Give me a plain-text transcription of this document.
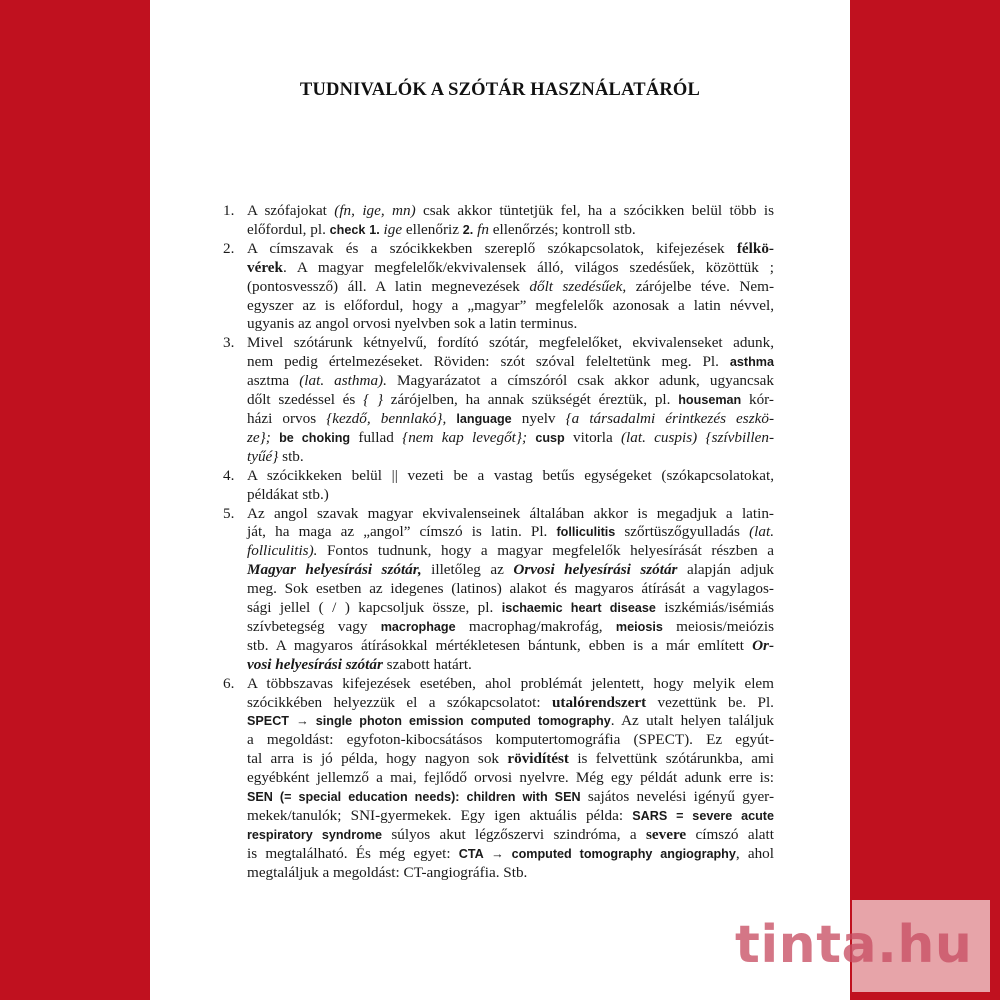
TUDNIVALÓK A SZÓTÁR HASZNÁLATÁRÓL
1. A szófajokat (fn, ige, mn) csak akkor tüntetjük fel, ha a szócikken belül több is
előfordul, pl. check 1. ige ellenőriz 2. fn ellenőrzés; kontroll stb.
2. A címszavak és a szócikkekben szereplő szókapcsolatok, kifejezések félkö-
vérek. A magyar megfelelők/ekvivalensek álló, világos szedésűek, közöttük ;
(pontosvessző) áll. A latin megnevezések dőlt szedésűek, zárójelbe téve. Nem-
egyszer az is előfordul, hogy a „magyar” megfelelők azonosak a latin névvel,
ugyanis az angol orvosi nyelvben sok a latin terminus.
3. Mivel szótárunk kétnyelvű, fordító szótár, megfelelőket, ekvivalenseket adunk,
nem pedig értelmezéseket. Röviden: szót szóval feleltetünk meg. Pl. asthma
asztma (lat. asthma). Magyarázatot a címszóról csak akkor adunk, ugyancsak
dőlt szedéssel és { } zárójelben, ha annak szükségét éreztük, pl. houseman kór-
házi orvos {kezdő, bennlakó}, language nyelv {a társadalmi érintkezés eszkö-
ze}; be choking fullad {nem kap levegőt}; cusp vitorla (lat. cuspis) {szívbillen-
tyűé} stb.
4. A szócikkeken belül || vezeti be a vastag betűs egységeket (szókapcsolatokat,
példákat stb.)
5. Az angol szavak magyar ekvivalenseinek általában akkor is megadjuk a latin-
ját, ha maga az „angol” címszó is latin. Pl. folliculitis szőrtüszőgyulladás (lat.
folliculitis). Fontos tudnunk, hogy a magyar megfelelők helyesírását részben a
Magyar helyesírási szótár, illetőleg az Orvosi helyesírási szótár alapján adjuk
meg. Sok esetben az idegenes (latinos) alakot és magyaros átírását a vagylagos-
sági jellel ( / ) kapcsoljuk össze, pl. ischaemic heart disease iszkémiás/isémiás
szívbetegség vagy macrophage macrophag/makrofág, meiosis meiosis/meiózis
stb. A magyaros átírásokkal mértékletesen bántunk, ebben is a már említett Or-
vosi helyesírási szótár szabott határt.
6. A többszavas kifejezések esetében, ahol problémát jelentett, hogy melyik elem
szócikkében helyezzük el a szókapcsolatot: utalórendszert vezettünk be. Pl.
SPECT → single photon emission computed tomography. Az utalt helyen találjuk
a megoldást: egyfoton-kibocsátásos komputertomográfia (SPECT). Ez egyút-
tal arra is jó példa, hogy nagyon sok rövidítést is felvettünk szótárunkba, ami
egyébként jellemző a mai, fejlődő orvosi nyelvre. Még egy példát adunk erre is:
SEN (= special education needs): children with SEN sajátos nevelési igényű gyer-
mekek/tanulók; SNI-gyermekek. Egy igen aktuális példa: SARS = severe acute
respiratory syndrome súlyos akut légzőszervi szindróma, a severe címszó alatt
is megtalálható. És még egyet: CTA → computed tomography angiography, ahol
megtaláljuk a megoldást: CT-angiográfia. Stb.
tinta.hu
